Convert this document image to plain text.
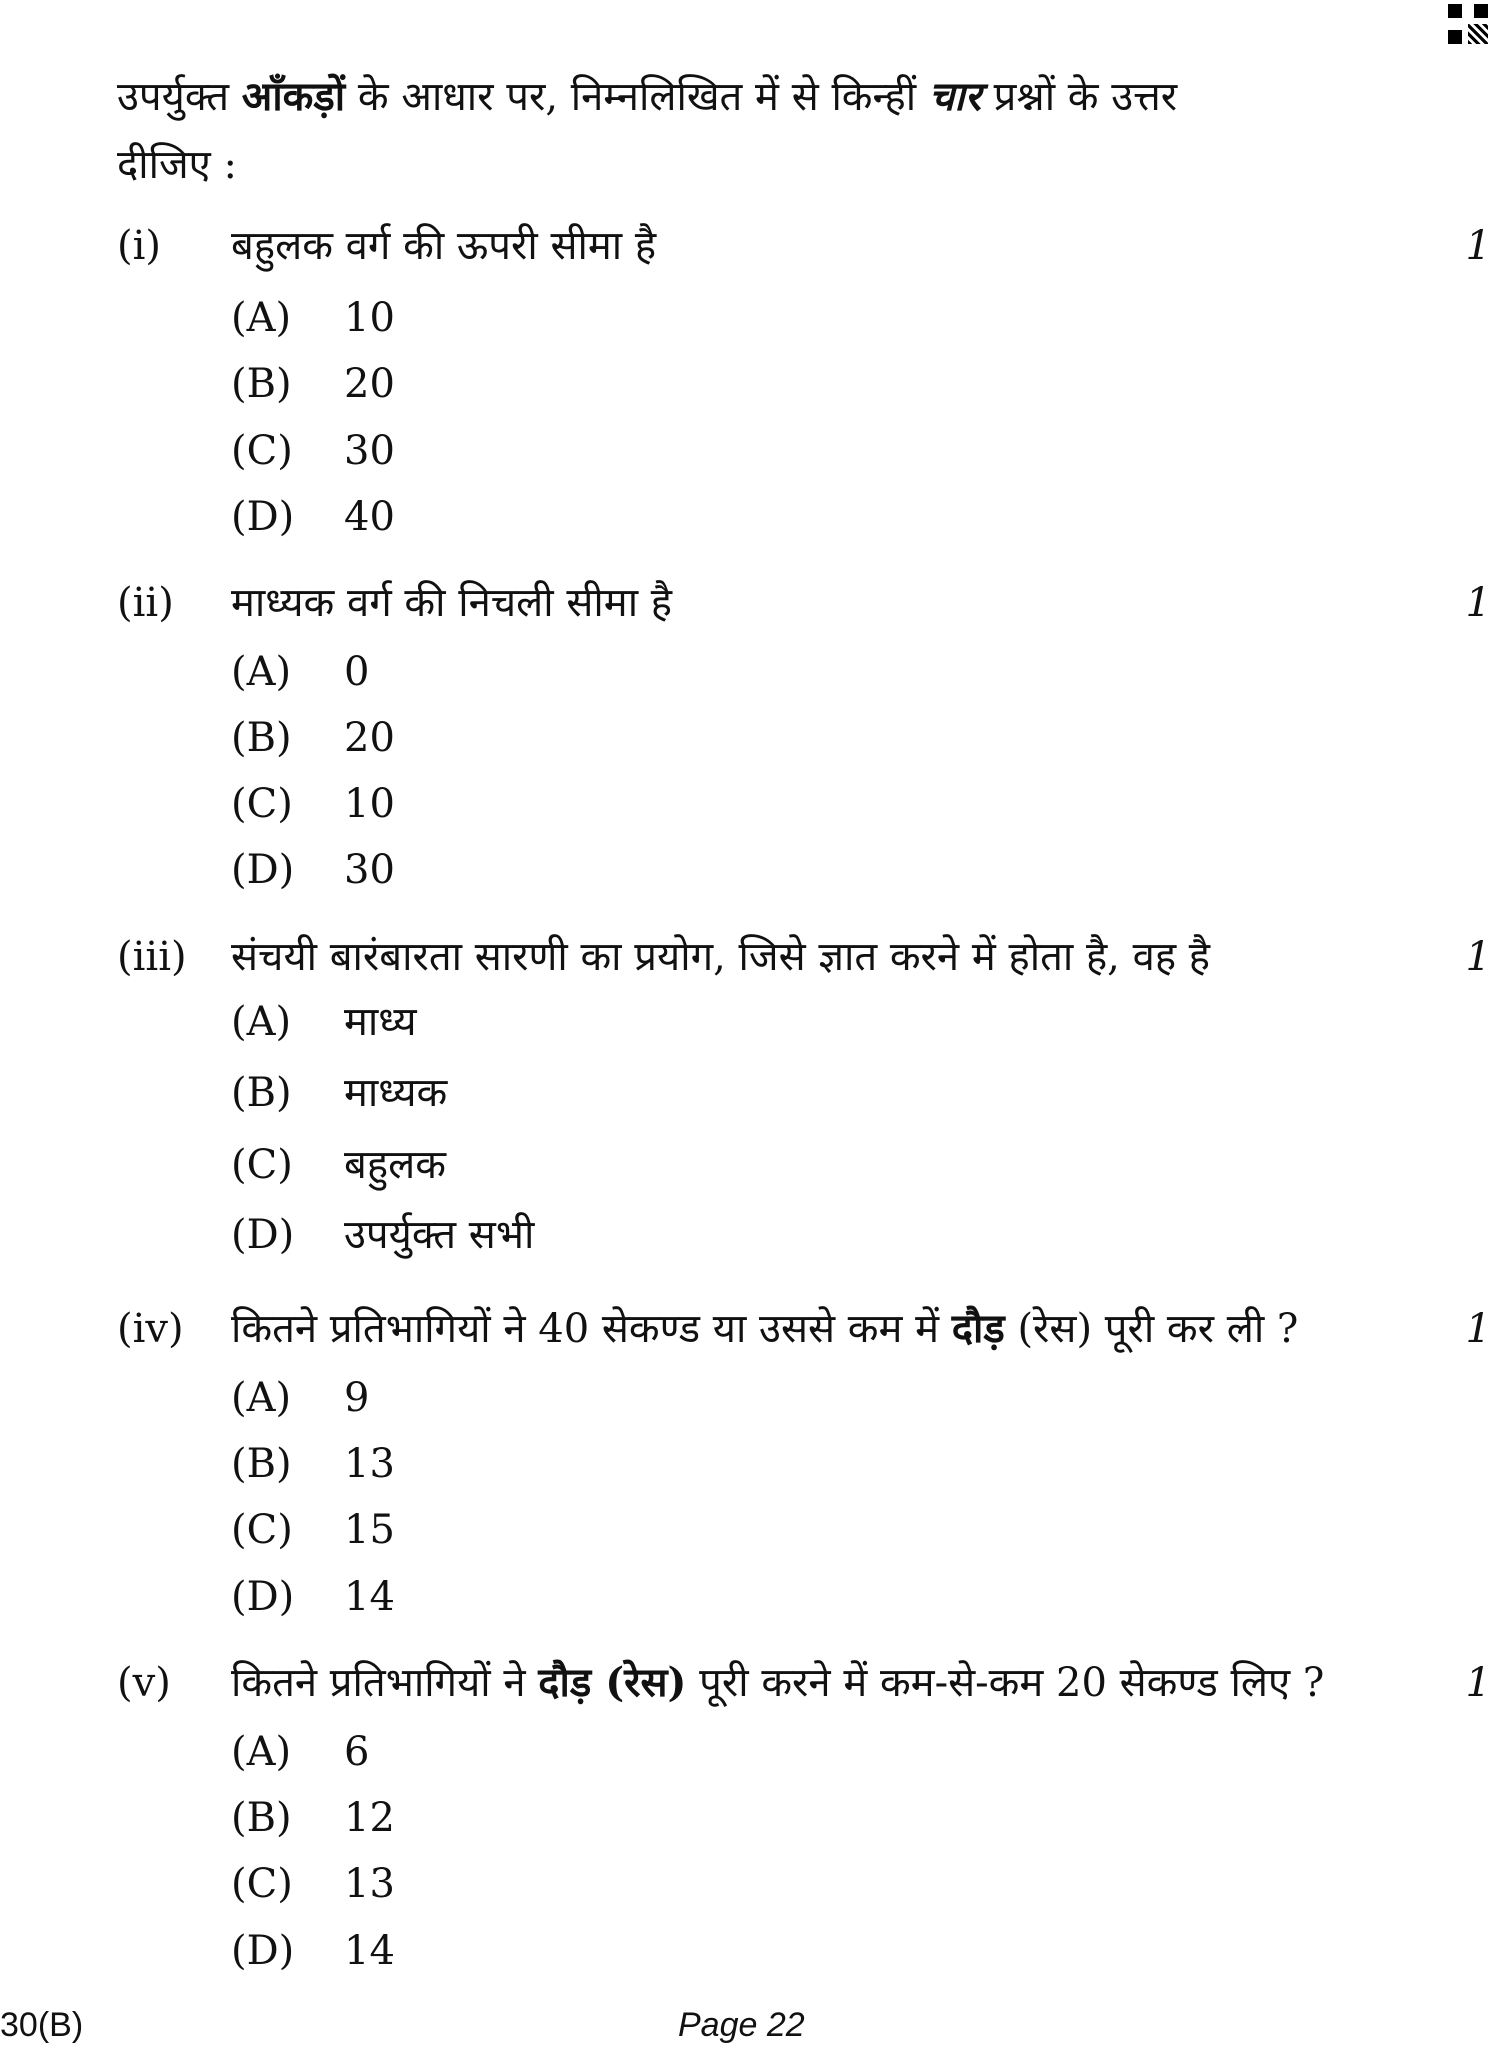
उपर्युक्त आँकड़ों के आधार पर, निम्नलिखित में से किन्हीं चार प्रश्नों के उत्तर
दीजिए :
(i) बहुलक वर्ग की ऊपरी सीमा है	1
(A) 10
(B) 20
(C) 30
(D) 40
(ii) माध्यक वर्ग की निचली सीमा है	1
(A) 0
(B) 20
(C) 10
(D) 30
(iii) संचयी बारंबारता सारणी का प्रयोग, जिसे ज्ञात करने में होता है, वह है	1
(A) माध्य
(B) माध्यक
(C) बहुलक
(D) उपर्युक्त सभी
(iv) कितने प्रतिभागियों ने 40 सेकण्ड या उससे कम में दौड़ (रेस) पूरी कर ली ?	1
(A) 9
(B) 13
(C) 15
(D) 14
(v) कितने प्रतिभागियों ने दौड़ (रेस) पूरी करने में कम-से-कम 20 सेकण्ड लिए ?	1
(A) 6
(B) 12
(C) 13
(D) 14
30(B)	Page 22
